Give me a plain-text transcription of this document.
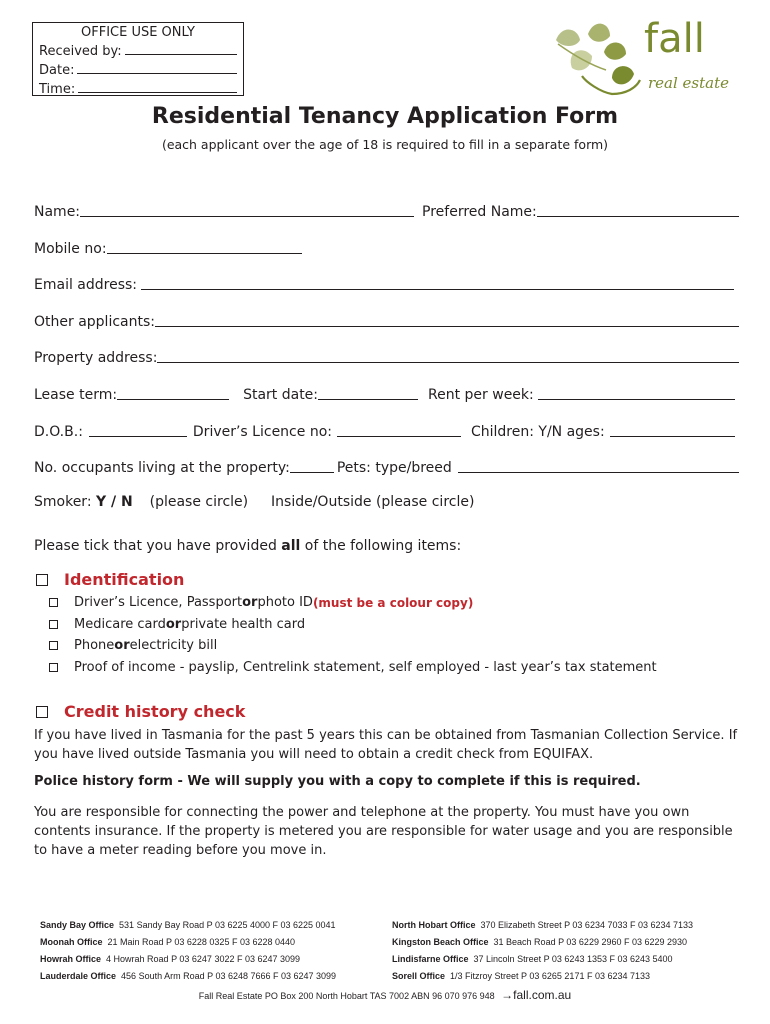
OFFICE USE ONLY
Received by:
Date:
Time:
fall
real estate
Residential Tenancy Application Form
(each applicant over the age of 18 is required to fill in a separate form)
Name:	Preferred Name:
Mobile no:
Email address:
Other applicants:
Property address:
Lease term:	Start date:	Rent per week:
D.O.B.:	Driver’s Licence no:	Children: Y/N ages:
No. occupants living at the property:	Pets: type/breed
Smoker: Y / N (please circle) Inside/Outside (please circle)
Please tick that you have provided all of the following items:
Identification
Driver’s Licence, Passport or photo ID (must be a colour copy)
Medicare card or private health card
Phone or electricity bill
Proof of income - payslip, Centrelink statement, self employed - last year’s tax statement
Credit history check
If you have lived in Tasmania for the past 5 years this can be obtained from Tasmanian Collection Service. If you have lived outside Tasmania you will need to obtain a credit check from EQUIFAX.
Police history form - We will supply you with a copy to complete if this is required.
You are responsible for connecting the power and telephone at the property. You must have you own contents insurance. If the property is metered you are responsible for water usage and you are responsible to have a meter reading before you move in.
Sandy Bay Office 531 Sandy Bay Road P 03 6225 4000 F 03 6225 0041
Moonah Office 21 Main Road P 03 6228 0325 F 03 6228 0440
Howrah Office 4 Howrah Road P 03 6247 3022 F 03 6247 3099
Lauderdale Office 456 South Arm Road P 03 6248 7666 F 03 6247 3099
North Hobart Office 370 Elizabeth Street P 03 6234 7033 F 03 6234 7133
Kingston Beach Office 31 Beach Road P 03 6229 2960 F 03 6229 2930
Lindisfarne Office 37 Lincoln Street P 03 6243 1353 F 03 6243 5400
Sorell Office 1/3 Fitzroy Street P 03 6265 2171 F 03 6234 7133
Fall Real Estate PO Box 200 North Hobart TAS 7002 ABN 96 070 976 948 →fall.com.au
